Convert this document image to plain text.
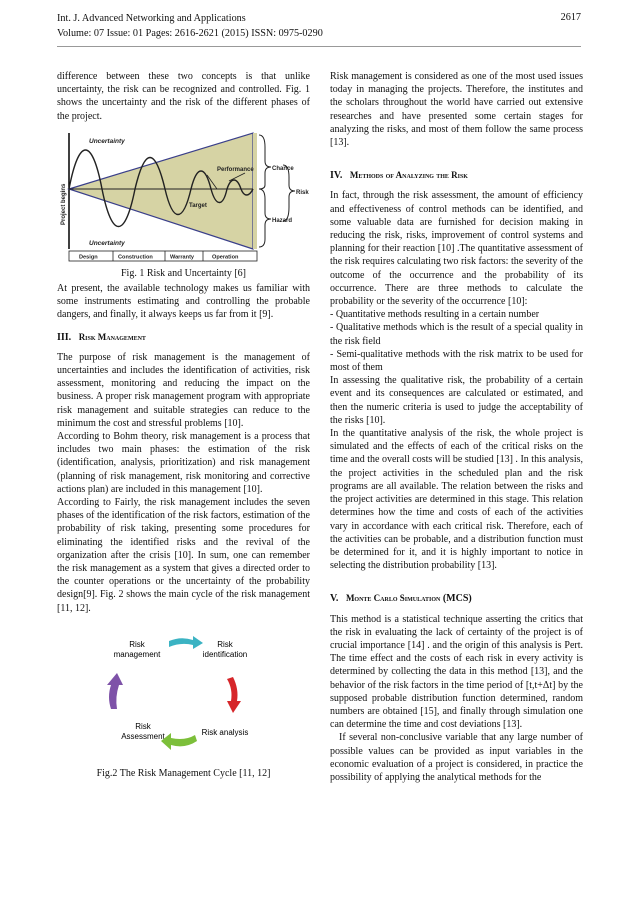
Int. J. Advanced Networking and Applications
Volume: 07 Issue: 01 Pages: 2616-2621 (2015) ISSN: 0975-0290
2617

difference between these two concepts is that unlike uncertainty, the risk can be recognized and controlled. Fig. 1 shows the uncertainty and the risk of the different phases of the project.

Uncertainty
Uncertainty
Performance
Target
Project begins
Chance
Hazard
Risk
Design	Construction	Warranty	Operation

Fig. 1 Risk and Uncertainty [6]

At present, the available technology makes us familiar with some instruments estimating and controlling the probable dangers, and finally, it always keeps us far from it [9].

III. Risk Management

The purpose of risk management is the management of uncertainties and includes the identification of activities, risk assessment, monitoring and reducing the impact on the business. A proper risk management program with appropriate risk management and suitable strategies can reduce to the minimum the cost and stressful problems [10].

According to Bohm theory, risk management is a process that includes two main phases: the estimation of the risk (identification, analysis, prioritization) and risk management (planning of risk management, risk monitoring and corrective actions plan) are included in this management [10].

According to Fairly, the risk management includes the seven phases of the identification of the risk factors, estimation of the probability of risk taking, presenting some procedures for eliminating the identified risks and the revival of the organization after the crisis [10]. In sum, one can remember the risk management as a system that gives a directed order to the counter operations or the uncertainty of the probability design[9]. Fig. 2 shows the main cycle of the risk management [11, 12].

Risk
management
Risk
identification
Risk analysis
Risk
Assessment

Fig.2 The Risk Management Cycle [11, 12]

Risk management is considered as one of the most used issues today in managing the projects. Therefore, the institutes and the scholars throughout the world have carried out extensive researches and have presented some certain stages for analyzing the risks, and most of them follow the same process [13].

IV. Methods of Analyzing the Risk

In fact, through the risk assessment, the amount of efficiency and effectiveness of control methods can be identified, and some valuable data are furnished for decision making in reducing the risk, risks, improvement of control systems and planning for their reaction [10] .The quantitative assessment of the risk requires calculating two risk factors: the severity of the outcome of the occurrence and the probability of its occurrence. There are three methods to calculate the probability or the severity of the occurrence [10]:

- Quantitative methods resulting in a certain number

- Qualitative methods which is the result of a special quality in the risk field

- Semi-qualitative methods with the risk matrix to be used for most of them

In assessing the qualitative risk, the probability of a certain event and its consequences are calculated or estimated, and then the numeric criteria is used to judge the acceptability of the risks [10].

In the quantitative analysis of the risk, the whole project is simulated and the effects of each of the critical risks on the time and the overall costs will be studied [13] . In this analysis, the project activities in the scheduled plan and the risk programs are all available. The relation between the risks and the project activities are determined in this stage. This relation determines how the time and costs of each of the activities vary in accordance with each critical risk. Therefore, each of the activities can be probable, and a distribution function must be determined for it, and it is highly important to notice in selecting the distribution probability [13].

V. Monte Carlo Simulation (MCS)

This method is a statistical technique asserting the critics that the risk in evaluating the lack of certainty of the project is of crucial importance [14] . and the origin of this analysis is Pert. The time effect and the costs of each risk in every activity is determined by collecting the data in this method [13], and the behavior of the risk factors in the time period of [t,t+Δt] by the supposed probable distribution function determined, random numbers are obtained [15], and finally through simulation one can determine the time and cost deviations [13].

If several non-conclusive variable that any large number of possible values can be provided as input variables in the economic evaluation of a project is considered, in practice the possibility of applying the analytical methods for the
